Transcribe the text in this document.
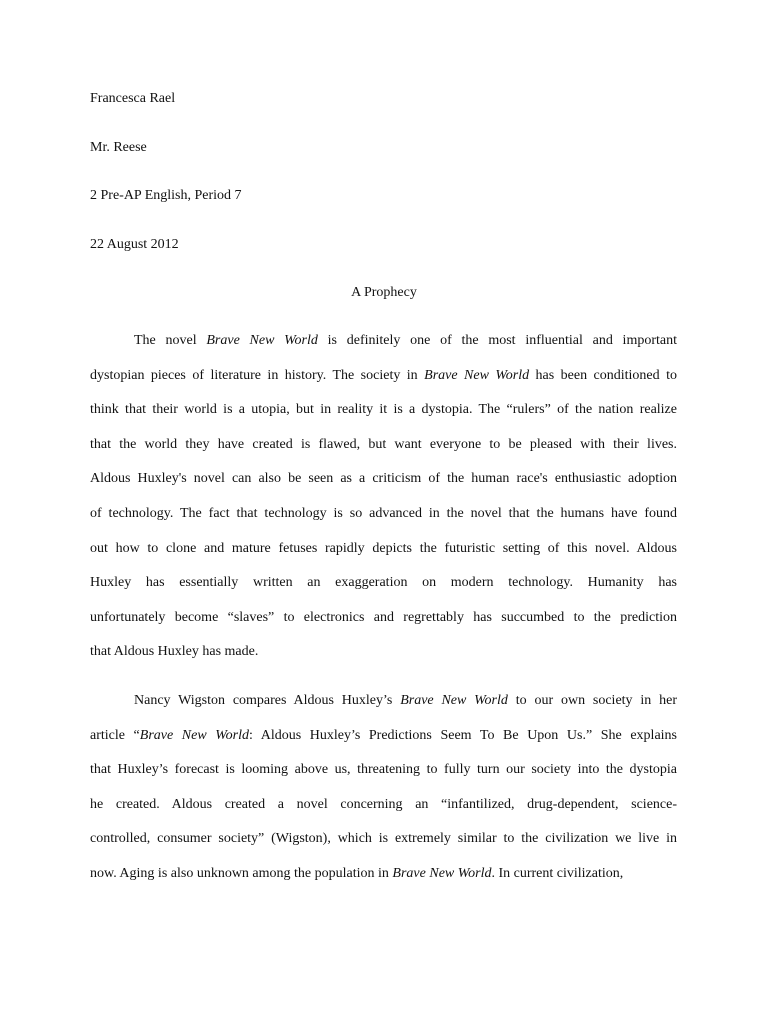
Francesca Rael
Mr. Reese
2 Pre-AP English, Period 7
22 August 2012
A Prophecy
The novel Brave New World is definitely one of the most influential and important
dystopian pieces of literature in history. The society in Brave New World has been conditioned to
think that their world is a utopia, but in reality it is a dystopia. The “rulers” of the nation realize
that the world they have created is flawed, but want everyone to be pleased with their lives.
Aldous Huxley's novel can also be seen as a criticism of the human race's enthusiastic adoption
of technology. The fact that technology is so advanced in the novel that the humans have found
out how to clone and mature fetuses rapidly depicts the futuristic setting of this novel. Aldous
Huxley has essentially written an exaggeration on modern technology. Humanity has
unfortunately become “slaves” to electronics and regrettably has succumbed to the prediction
that Aldous Huxley has made.
Nancy Wigston compares Aldous Huxley’s Brave New World to our own society in her
article “Brave New World: Aldous Huxley’s Predictions Seem To Be Upon Us.” She explains
that Huxley’s forecast is looming above us, threatening to fully turn our society into the dystopia
he created. Aldous created a novel concerning an “infantilized, drug-dependent, science-
controlled, consumer society” (Wigston), which is extremely similar to the civilization we live in
now. Aging is also unknown among the population in Brave New World. In current civilization,
